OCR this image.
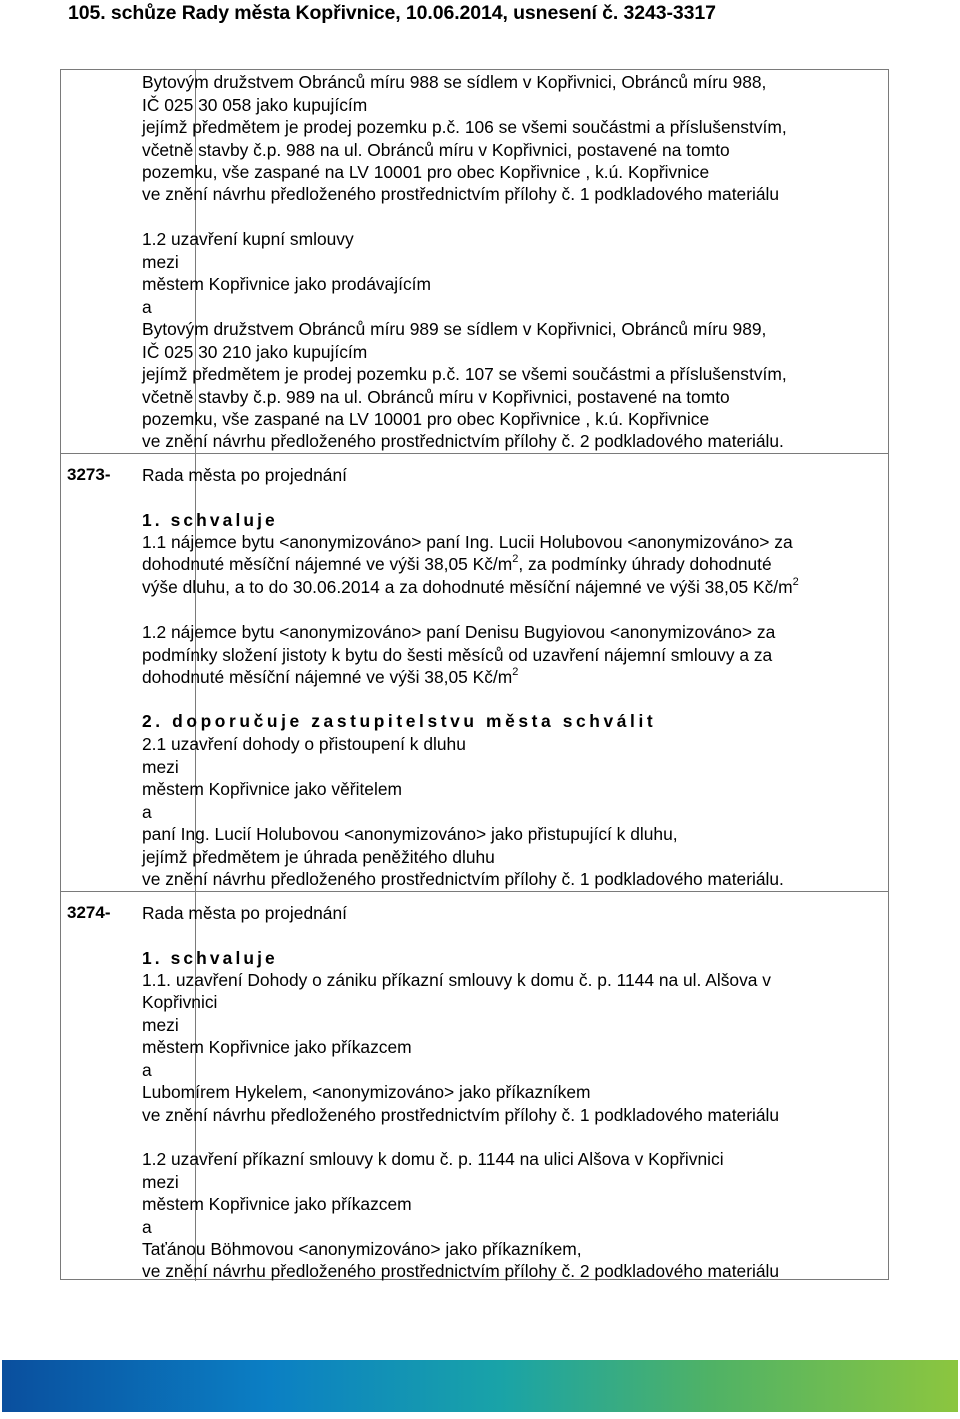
105. schůze Rady města Kopřivnice, 10.06.2014, usnesení č. 3243-3317
Bytovým družstvem Obránců míru 988 se sídlem v Kopřivnici, Obránců míru 988,
IČ 025 30 058 jako kupujícím
jejímž předmětem je prodej pozemku p.č. 106 se všemi součástmi a příslušenstvím,
včetně stavby č.p. 988 na ul. Obránců míru v Kopřivnici, postavené na tomto
pozemku, vše zaspané na LV 10001 pro obec Kopřivnice , k.ú. Kopřivnice
ve znění návrhu předloženého prostřednictvím přílohy č. 1 podkladového materiálu
1.2 uzavření kupní smlouvy
mezi
městem Kopřivnice jako prodávajícím
a
Bytovým družstvem Obránců míru 989 se sídlem v Kopřivnici, Obránců míru 989,
IČ 025 30 210 jako kupujícím
jejímž předmětem je prodej pozemku p.č. 107 se všemi součástmi a příslušenstvím,
včetně stavby č.p. 989 na ul. Obránců míru v Kopřivnici, postavené na tomto
pozemku, vše zaspané na LV 10001 pro obec Kopřivnice , k.ú. Kopřivnice
ve znění návrhu předloženého prostřednictvím přílohy č. 2 podkladového materiálu.
3273- Rada města po projednání
1. schvaluje
1.1 nájemce bytu <anonymizováno> paní Ing. Lucii Holubovou <anonymizováno> za
dohodnuté měsíční nájemné ve výši 38,05 $Kč/m^2$, za podmínky úhrady dohodnuté
výše dluhu, a to do 30.06.2014 a za dohodnuté měsíční nájemné ve výši 38,05 $Kč/m^2$
1.2 nájemce bytu <anonymizováno> paní Denisu Bugyiovou <anonymizováno> za
podmínky složení jistoty k bytu do šesti měsíců od uzavření nájemní smlouvy a za
dohodnuté měsíční nájemné ve výši 38,05 $Kč/m^2$
2. doporučuje zastupitelstvu města schválit
2.1 uzavření dohody o přistoupení k dluhu
mezi
městem Kopřivnice jako věřitelem
a
paní Ing. Lucií Holubovou <anonymizováno> jako přistupující k dluhu,
jejímž předmětem je úhrada peněžitého dluhu
ve znění návrhu předloženého prostřednictvím přílohy č. 1 podkladového materiálu.
3274- Rada města po projednání
1. schvaluje
1.1. uzavření Dohody o zániku příkazní smlouvy k domu č. p. 1144 na ul. Alšova v
Kopřivnici
mezi
městem Kopřivnice jako příkazcem
a
Lubomírem Hykelem, <anonymizováno> jako příkazníkem
ve znění návrhu předloženého prostřednictvím přílohy č. 1 podkladového materiálu
1.2 uzavření příkazní smlouvy k domu č. p. 1144 na ulici Alšova v Kopřivnici
mezi
městem Kopřivnice jako příkazcem
a
Taťánou Böhmovou <anonymizováno> jako příkazníkem,
ve znění návrhu předloženého prostřednictvím přílohy č. 2 podkladového materiálu
